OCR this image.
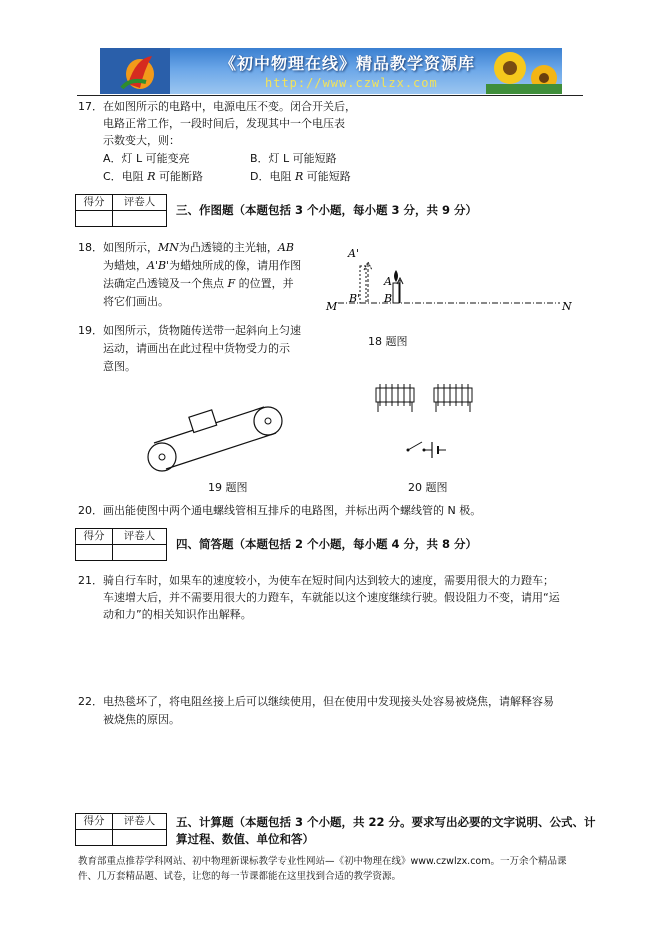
《初中物理在线》精品教学资源库
http://www.czwlzx.com
17．在如图所示的电路中，电源电压不变。闭合开关后，
电路正常工作，一段时间后，发现其中一个电压表
示数变大，则：
A．灯 L 可能变亮	B．灯 L 可能短路
C．电阻 R 可能断路	D．电阻 R 可能短路
得分	评卷人

三、作图题（本题包括 3 个小题，每小题 3 分，共 9 分）
18．如图所示，MN为凸透镜的主光轴，AB
为蜡烛，A'B'为蜡烛所成的像，请用作图
法确定凸透镜及一个焦点 F 的位置，并
将它们画出。
A'
B'
A
B
M	N
18 题图
19．如图所示，货物随传送带一起斜向上匀速
运动，请画出在此过程中货物受力的示
意图。
19 题图	20 题图
20．画出能使图中两个通电螺线管相互排斥的电路图，并标出两个螺线管的 N 极。
得分	评卷人

四、简答题（本题包括 2 个小题，每小题 4 分，共 8 分）
21．骑自行车时，如果车的速度较小，为使车在短时间内达到较大的速度，需要用很大的力蹬车；
车速增大后，并不需要用很大的力蹬车，车就能以这个速度继续行驶。假设阻力不变，请用“运
动和力”的相关知识作出解释。
22．电热毯坏了，将电阻丝接上后可以继续使用，但在使用中发现接头处容易被烧焦，请解释容易
被烧焦的原因。
得分	评卷人
	五、计算题（本题包括 3 个小题，共 22 分。要求写出必要的文字说明、公式、计
算过程、数值、单位和答）
教育部重点推荐学科网站、初中物理新课标教学专业性网站—《初中物理在线》www.czwlzx.com。一万余个精品课
件、几万套精品题、试卷，让您的每一节课都能在这里找到合适的教学资源。
